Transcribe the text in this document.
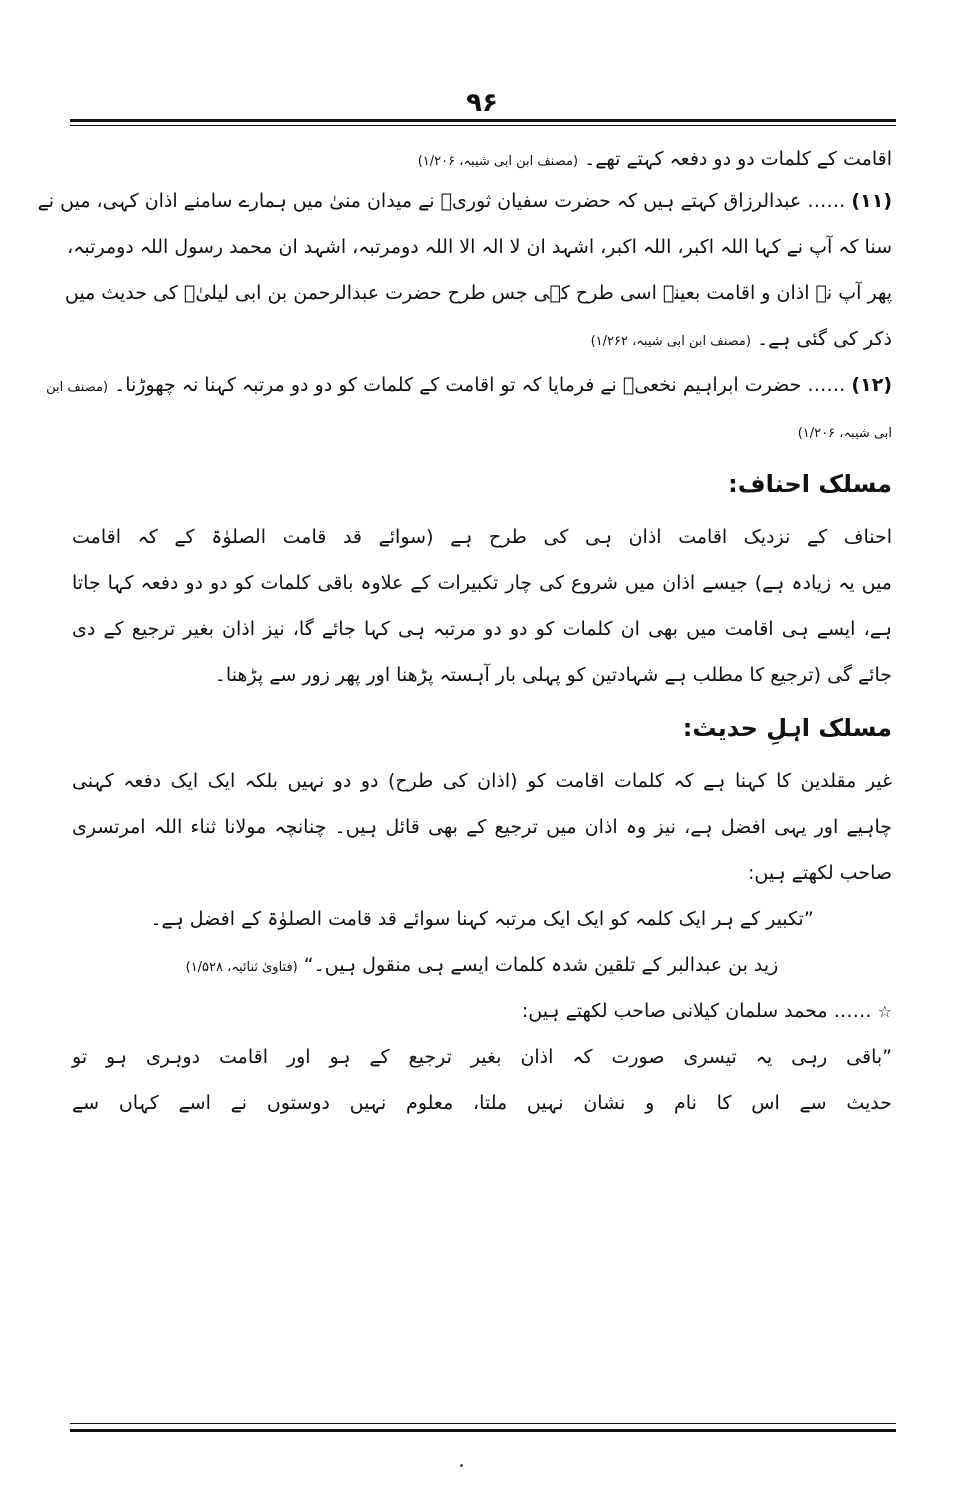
۹۶
اقامت کے کلمات دو دو دفعہ کہتے تھے۔ (مصنف ابن ابی شیبہ، ۱/۲۰۶)
(۱۱) …… عبدالرزاق کہتے ہیں کہ حضرت سفیان ثوریؒ نے میدان منیٰ میں ہمارے سامنے اذان کہی، میں نے
سنا کہ آپ نے کہا اللہ اکبر، اللہ اکبر، اشہد ان لا الہ الا اللہ دومرتبہ، اشہد ان محمد رسول اللہ دومرتبہ،
پھر آپ نے اذان و اقامت بعینہ اسی طرح کہی جس طرح حضرت عبدالرحمن بن ابی لیلیٰؒ کی حدیث میں
ذکر کی گئی ہے۔ (مصنف ابن ابی شیبہ، ۱/۲۶۲)
(۱۲) …… حضرت ابراہیم نخعیؒ نے فرمایا کہ تو اقامت کے کلمات کو دو دو مرتبہ کہنا نہ چھوڑنا۔ (مصنف ابن
ابی شیبہ، ۱/۲۰۶)
مسلک احناف:
احناف کے نزدیک اقامت اذان ہی کی طرح ہے (سوائے قد قامت الصلوٰۃ کے کہ اقامت
میں یہ زیادہ ہے) جیسے اذان میں شروع کی چار تکبیرات کے علاوہ باقی کلمات کو دو دو دفعہ کہا جاتا
ہے، ایسے ہی اقامت میں بھی ان کلمات کو دو دو مرتبہ ہی کہا جائے گا، نیز اذان بغیر ترجیع کے دی
جائے گی (ترجیع کا مطلب ہے شہادتین کو پہلی بار آہستہ پڑھنا اور پھر زور سے پڑھنا۔
مسلک اہلِ حدیث:
غیر مقلدین کا کہنا ہے کہ کلمات اقامت کو (اذان کی طرح) دو دو نہیں بلکہ ایک ایک دفعہ کہنی
چاہیے اور یہی افضل ہے، نیز وہ اذان میں ترجیع کے بھی قائل ہیں۔ چنانچہ مولانا ثناء اللہ امرتسری
صاحب لکھتے ہیں:
”تکبیر کے ہر ایک کلمہ کو ایک ایک مرتبہ کہنا سوائے قد قامت الصلوٰۃ کے افضل ہے۔
زید بن عبدالبر کے تلقین شدہ کلمات ایسے ہی منقول ہیں۔“ (فتاویٰ ثنائیہ، ۱/۵۲۸)
☆ …… محمد سلمان کیلانی صاحب لکھتے ہیں:
”باقی رہی یہ تیسری صورت کہ اذان بغیر ترجیع کے ہو اور اقامت دوہری ہو تو
حدیث سے اس کا نام و نشان نہیں ملتا، معلوم نہیں دوستوں نے اسے کہاں سے
